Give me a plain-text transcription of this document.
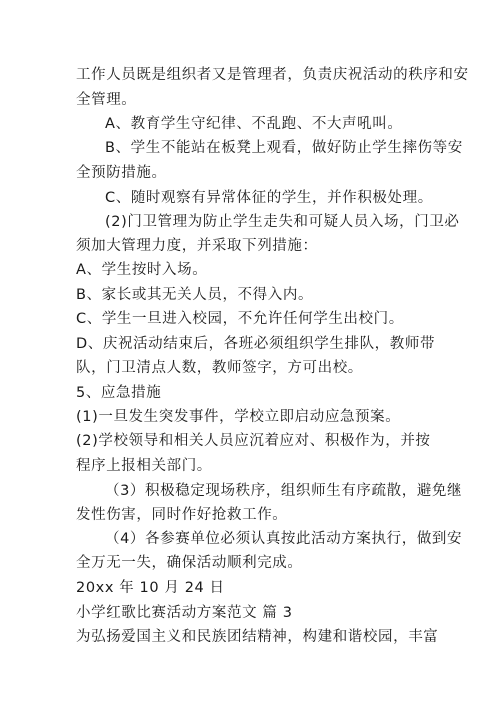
工作人员既是组织者又是管理者，负责庆祝活动的秩序和安
全管理。
A、教育学生守纪律、不乱跑、不大声吼叫。
B、学生不能站在板凳上观看，做好防止学生摔伤等安
全预防措施。
C、随时观察有异常体征的学生，并作积极处理。
(2)门卫管理为防止学生走失和可疑人员入场，门卫必
须加大管理力度，并采取下列措施：
A、学生按时入场。
B、家长或其无关人员，不得入内。
C、学生一旦进入校园，不允许任何学生出校门。
D、庆祝活动结束后，各班必须组织学生排队，教师带
队，门卫清点人数，教师签字，方可出校。
5、应急措施
(1)一旦发生突发事件，学校立即启动应急预案。
(2)学校领导和相关人员应沉着应对、积极作为，并按
程序上报相关部门。
（3）积极稳定现场秩序，组织师生有序疏散，避免继
发性伤害，同时作好抢救工作。
（4）各参赛单位必须认真按此活动方案执行，做到安
全万无一失，确保活动顺利完成。
20xx 年 10 月 24 日
小学红歌比赛活动方案范文 篇 3
为弘扬爱国主义和民族团结精神，构建和谐校园，丰富
